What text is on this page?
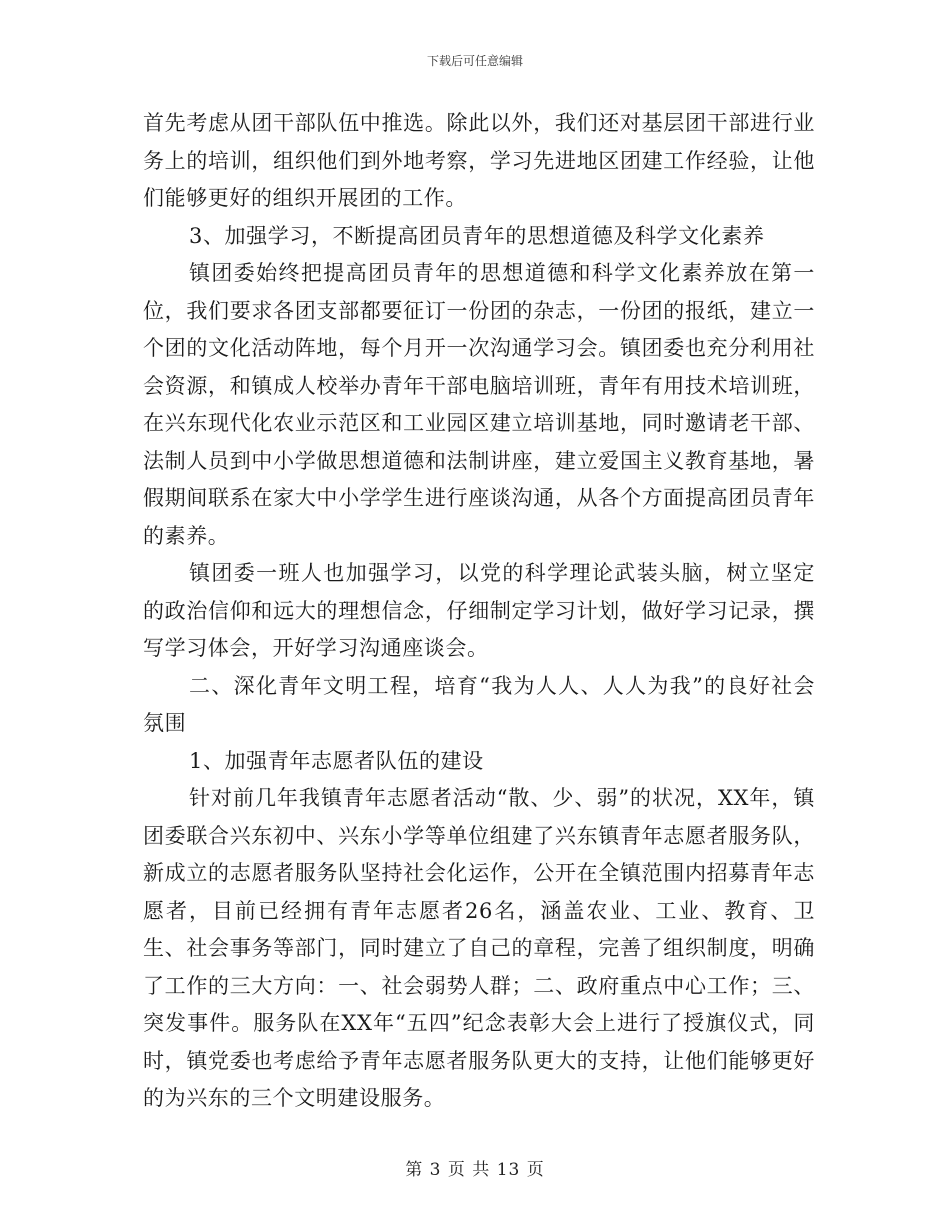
下载后可任意编辑

首先考虑从团干部队伍中推选。除此以外，我们还对基层团干部进行业务上的培训，组织他们到外地考察，学习先进地区团建工作经验，让他们能够更好的组织开展团的工作。

3、加强学习，不断提高团员青年的思想道德及科学文化素养

镇团委始终把提高团员青年的思想道德和科学文化素养放在第一位，我们要求各团支部都要征订一份团的杂志，一份团的报纸，建立一个团的文化活动阵地，每个月开一次沟通学习会。镇团委也充分利用社会资源，和镇成人校举办青年干部电脑培训班，青年有用技术培训班，在兴东现代化农业示范区和工业园区建立培训基地，同时邀请老干部、法制人员到中小学做思想道德和法制讲座，建立爱国主义教育基地，暑假期间联系在家大中小学学生进行座谈沟通，从各个方面提高团员青年的素养。

镇团委一班人也加强学习，以党的科学理论武装头脑，树立坚定的政治信仰和远大的理想信念，仔细制定学习计划，做好学习记录，撰写学习体会，开好学习沟通座谈会。

二、深化青年文明工程，培育“我为人人、人人为我”的良好社会氛围

1、加强青年志愿者队伍的建设

针对前几年我镇青年志愿者活动“散、少、弱”的状况，XX年，镇团委联合兴东初中、兴东小学等单位组建了兴东镇青年志愿者服务队，新成立的志愿者服务队坚持社会化运作，公开在全镇范围内招募青年志愿者，目前已经拥有青年志愿者26名，涵盖农业、工业、教育、卫生、社会事务等部门，同时建立了自己的章程，完善了组织制度，明确了工作的三大方向：一、社会弱势人群；二、政府重点中心工作；三、突发事件。服务队在XX年“五四”纪念表彰大会上进行了授旗仪式，同时，镇党委也考虑给予青年志愿者服务队更大的支持，让他们能够更好的为兴东的三个文明建设服务。

第 3 页 共 13 页
